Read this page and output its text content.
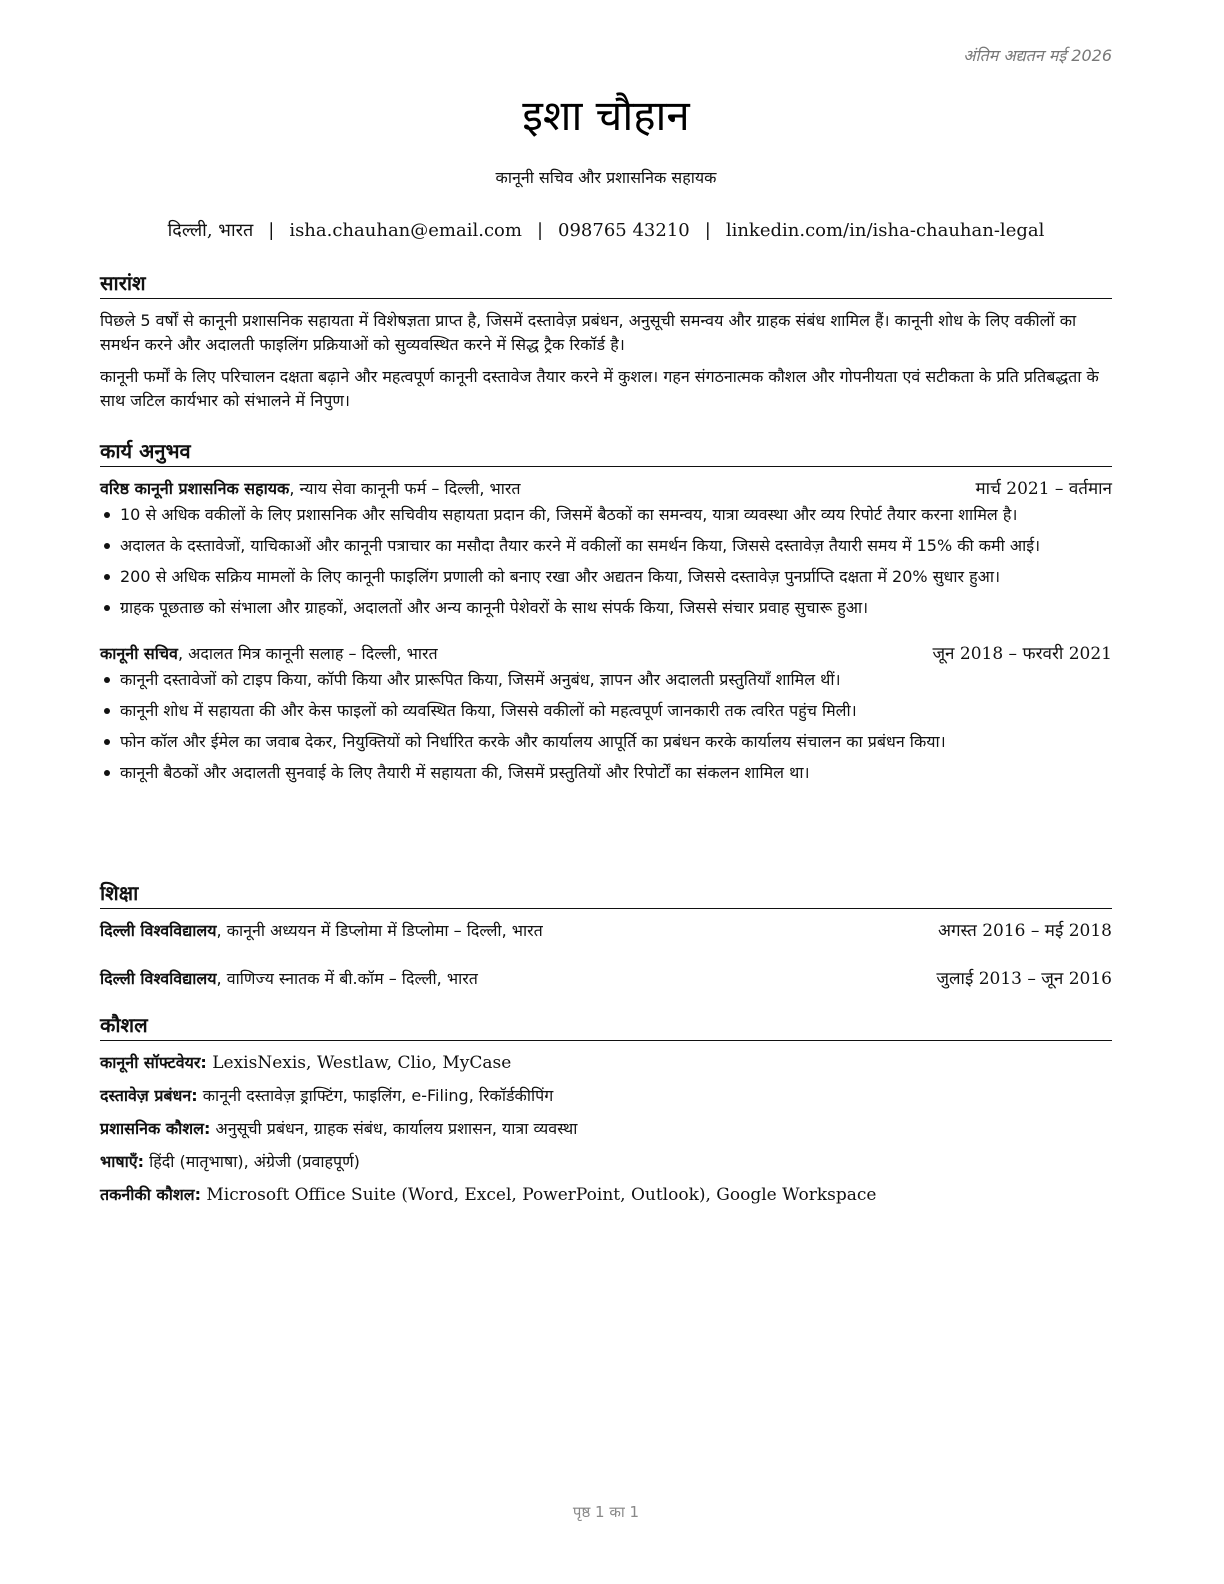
अंतिम अद्यतन मई 2026
इशा चौहान
कानूनी सचिव और प्रशासनिक सहायक
दिल्ली, भारत | isha.chauhan@email.com | 098765 43210 | linkedin.com/in/isha-chauhan-legal
सारांश
पिछले 5 वर्षों से कानूनी प्रशासनिक सहायता में विशेषज्ञता प्राप्त है, जिसमें दस्तावेज़ प्रबंधन, अनुसूची समन्वय और ग्राहक संबंध शामिल हैं। कानूनी शोध के लिए वकीलों का समर्थन करने और अदालती फाइलिंग प्रक्रियाओं को सुव्यवस्थित करने में सिद्ध ट्रैक रिकॉर्ड है।
कानूनी फर्मों के लिए परिचालन दक्षता बढ़ाने और महत्वपूर्ण कानूनी दस्तावेज तैयार करने में कुशल। गहन संगठनात्मक कौशल और गोपनीयता एवं सटीकता के प्रति प्रतिबद्धता के साथ जटिल कार्यभार को संभालने में निपुण।
कार्य अनुभव
वरिष्ठ कानूनी प्रशासनिक सहायक, न्याय सेवा कानूनी फर्म – दिल्ली, भारत	मार्च 2021 – वर्तमान
10 से अधिक वकीलों के लिए प्रशासनिक और सचिवीय सहायता प्रदान की, जिसमें बैठकों का समन्वय, यात्रा व्यवस्था और व्यय रिपोर्ट तैयार करना शामिल है।
अदालत के दस्तावेजों, याचिकाओं और कानूनी पत्राचार का मसौदा तैयार करने में वकीलों का समर्थन किया, जिससे दस्तावेज़ तैयारी समय में 15% की कमी आई।
200 से अधिक सक्रिय मामलों के लिए कानूनी फाइलिंग प्रणाली को बनाए रखा और अद्यतन किया, जिससे दस्तावेज़ पुनर्प्राप्ति दक्षता में 20% सुधार हुआ।
ग्राहक पूछताछ को संभाला और ग्राहकों, अदालतों और अन्य कानूनी पेशेवरों के साथ संपर्क किया, जिससे संचार प्रवाह सुचारू हुआ।
कानूनी सचिव, अदालत मित्र कानूनी सलाह – दिल्ली, भारत	जून 2018 – फरवरी 2021
कानूनी दस्तावेजों को टाइप किया, कॉपी किया और प्रारूपित किया, जिसमें अनुबंध, ज्ञापन और अदालती प्रस्तुतियाँ शामिल थीं।
कानूनी शोध में सहायता की और केस फाइलों को व्यवस्थित किया, जिससे वकीलों को महत्वपूर्ण जानकारी तक त्वरित पहुंच मिली।
फोन कॉल और ईमेल का जवाब देकर, नियुक्तियों को निर्धारित करके और कार्यालय आपूर्ति का प्रबंधन करके कार्यालय संचालन का प्रबंधन किया।
कानूनी बैठकों और अदालती सुनवाई के लिए तैयारी में सहायता की, जिसमें प्रस्तुतियों और रिपोर्टों का संकलन शामिल था।
शिक्षा
दिल्ली विश्वविद्यालय, कानूनी अध्ययन में डिप्लोमा में डिप्लोमा – दिल्ली, भारत	अगस्त 2016 – मई 2018
दिल्ली विश्वविद्यालय, वाणिज्य स्नातक में बी.कॉम – दिल्ली, भारत	जुलाई 2013 – जून 2016
कौशल
कानूनी सॉफ्टवेयर: LexisNexis, Westlaw, Clio, MyCase
दस्तावेज़ प्रबंधन: कानूनी दस्तावेज़ ड्राफ्टिंग, फाइलिंग, e-Filing, रिकॉर्डकीपिंग
प्रशासनिक कौशल: अनुसूची प्रबंधन, ग्राहक संबंध, कार्यालय प्रशासन, यात्रा व्यवस्था
भाषाएँ: हिंदी (मातृभाषा), अंग्रेजी (प्रवाहपूर्ण)
तकनीकी कौशल: Microsoft Office Suite (Word, Excel, PowerPoint, Outlook), Google Workspace
पृष्ठ 1 का 1
